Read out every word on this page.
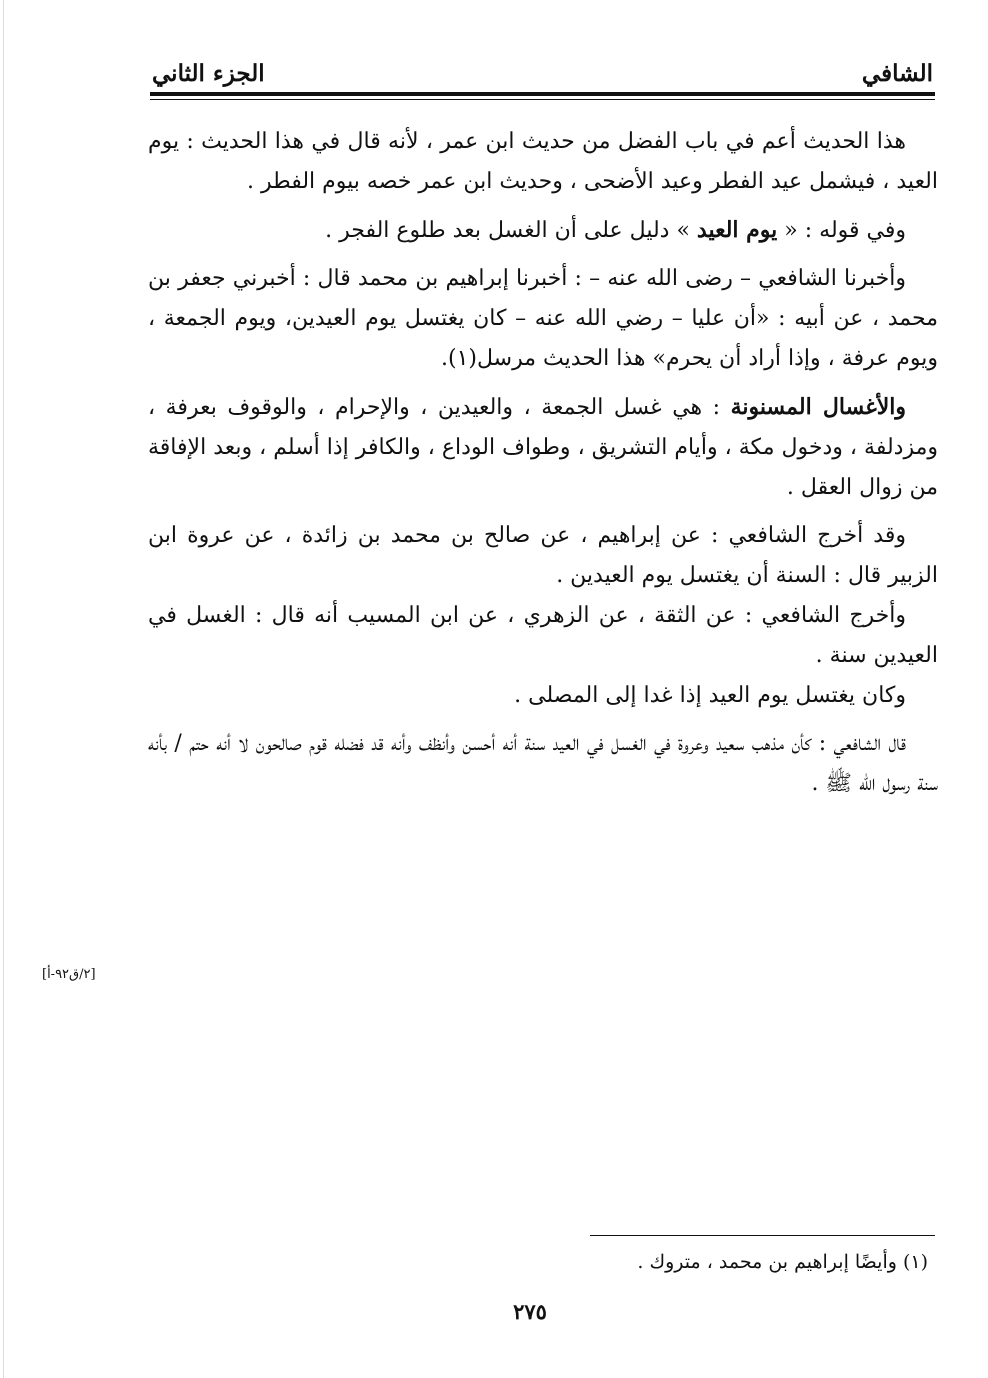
الشافي
الجزء الثاني

هذا الحديث أعم في باب الفضل من حديث ابن عمر ، لأنه قال في هذا الحديث : يوم العيد ، فيشمل عيد الفطر وعيد الأضحى ، وحديث ابن عمر خصه بيوم الفطر .

وفي قوله : « يوم العيد » دليل على أن الغسل بعد طلوع الفجر .

وأخبرنا الشافعي – رضى الله عنه – : أخبرنا إبراهيم بن محمد قال : أخبرني جعفر بن محمد ، عن أبيه : «أن عليا – رضي الله عنه – كان يغتسل يوم العيدين، ويوم الجمعة ، ويوم عرفة ، وإذا أراد أن يحرم» هذا الحديث مرسل(١).

والأغسال المسنونة : هي غسل الجمعة ، والعيدين ، والإحرام ، والوقوف بعرفة ، ومزدلفة ، ودخول مكة ، وأيام التشريق ، وطواف الوداع ، والكافر إذا أسلم ، وبعد الإفاقة من زوال العقل .

وقد أخرج الشافعي : عن إبراهيم ، عن صالح بن محمد بن زائدة ، عن عروة ابن الزبير قال : السنة أن يغتسل يوم العيدين .

وأخرج الشافعي : عن الثقة ، عن الزهري ، عن ابن المسيب أنه قال : الغسل في العيدين سنة .

وكان يغتسل يوم العيد إذا غدا إلى المصلى .

قال الشافعي : كأن مذهب سعيد وعروة في الغسل في العيد سنة أنه أحسن وأنظف وأنه قد فضله قوم صالحون لا أنه حتم / بأنه سنة رسول الله ﷺ .

[٢/ق٩٢-أ]
(١) وأيضًا إبراهيم بن محمد ، متروك .
٢٧٥
